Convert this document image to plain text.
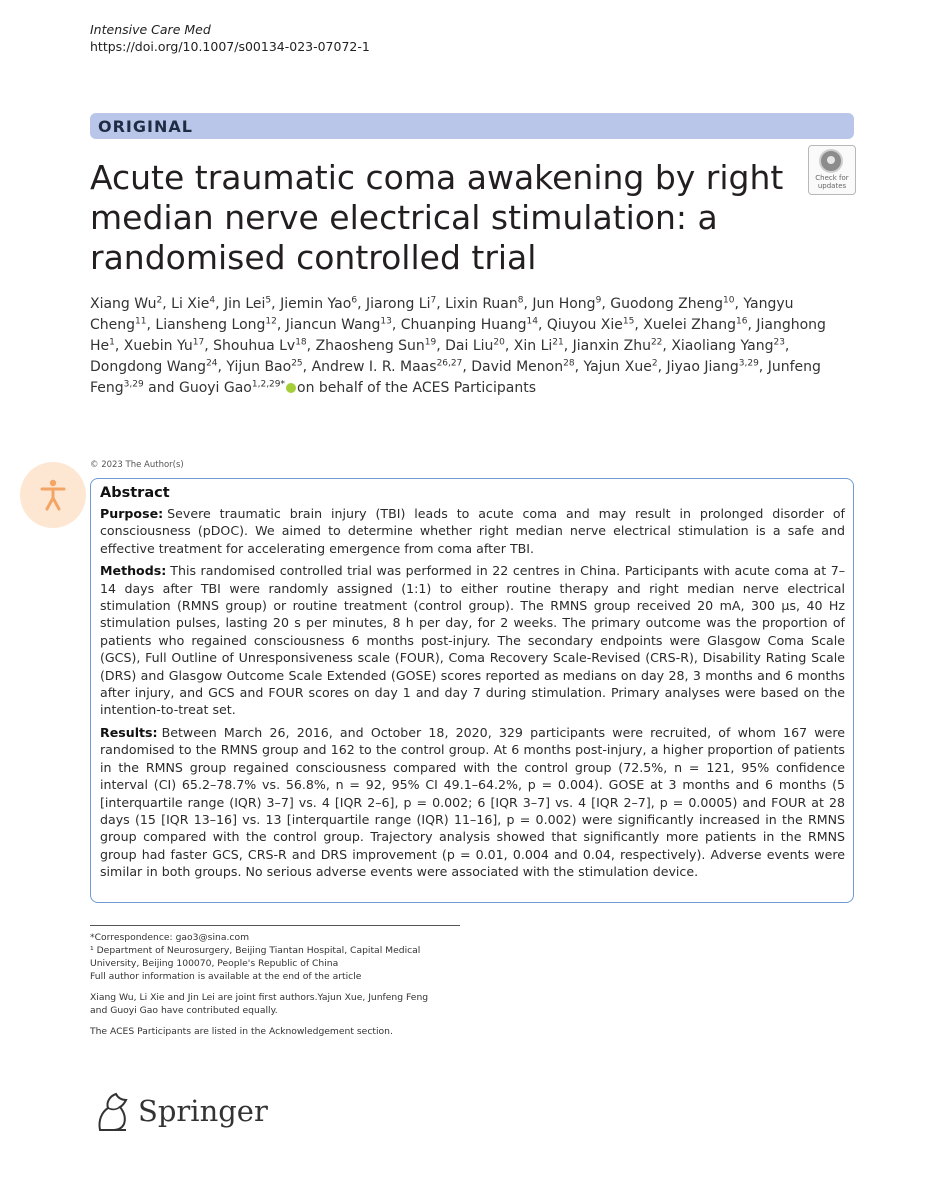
Intensive Care Med
https://doi.org/10.1007/s00134-023-07072-1
ORIGINAL
Acute traumatic coma awakening by right median nerve electrical stimulation: a randomised controlled trial
Check for
updates
Xiang Wu$^2$, Li Xie$^4$, Jin Lei$^5$, Jiemin Yao$^6$, Jiarong Li$^7$, Lixin Ruan$^8$, Jun Hong$^9$, Guodong Zheng$^{10}$, Yangyu Cheng$^{11}$, Liansheng Long$^{12}$, Jiancun Wang$^{13}$, Chuanping Huang$^{14}$, Qiuyou Xie$^{15}$, Xuelei Zhang$^{16}$, Jianghong He$^1$, Xuebin Yu$^{17}$, Shouhua Lv$^{18}$, Zhaosheng Sun$^{19}$, Dai Liu$^{20}$, Xin Li$^{21}$, Jianxin Zhu$^{22}$, Xiaoliang Yang$^{23}$, Dongdong Wang$^{24}$, Yijun Bao$^{25}$, Andrew I. R. Maas$^{26,27}$, David Menon$^{28}$, Yajun Xue$^2$, Jiyao Jiang$^{3,29}$, Junfeng Feng$^{3,29}$ and Guoyi Gao$^{1,2,29*}$ on behalf of the ACES Participants
© 2023 The Author(s)
Abstract

Purpose: Severe traumatic brain injury (TBI) leads to acute coma and may result in prolonged disorder of consciousness (pDOC). We aimed to determine whether right median nerve electrical stimulation is a safe and effective treatment for accelerating emergence from coma after TBI.

Methods: This randomised controlled trial was performed in 22 centres in China. Participants with acute coma at 7–14 days after TBI were randomly assigned (1:1) to either routine therapy and right median nerve electrical stimulation (RMNS group) or routine treatment (control group). The RMNS group received 20 mA, 300 μs, 40 Hz stimulation pulses, lasting 20 s per minutes, 8 h per day, for 2 weeks. The primary outcome was the proportion of patients who regained consciousness 6 months post-injury. The secondary endpoints were Glasgow Coma Scale (GCS), Full Outline of Unresponsiveness scale (FOUR), Coma Recovery Scale-Revised (CRS-R), Disability Rating Scale (DRS) and Glasgow Outcome Scale Extended (GOSE) scores reported as medians on day 28, 3 months and 6 months after injury, and GCS and FOUR scores on day 1 and day 7 during stimulation. Primary analyses were based on the intention-to-treat set.

Results: Between March 26, 2016, and October 18, 2020, 329 participants were recruited, of whom 167 were randomised to the RMNS group and 162 to the control group. At 6 months post-injury, a higher proportion of patients in the RMNS group regained consciousness compared with the control group (72.5%, n = 121, 95% confidence interval (CI) 65.2–78.7% vs. 56.8%, n = 92, 95% CI 49.1–64.2%, p = 0.004). GOSE at 3 months and 6 months (5 [interquartile range (IQR) 3–7] vs. 4 [IQR 2–6], p = 0.002; 6 [IQR 3–7] vs. 4 [IQR 2–7], p = 0.0005) and FOUR at 28 days (15 [IQR 13–16] vs. 13 [interquartile range (IQR) 11–16], p = 0.002) were significantly increased in the RMNS group compared with the control group. Trajectory analysis showed that significantly more patients in the RMNS group had faster GCS, CRS-R and DRS improvement (p = 0.01, 0.004 and 0.04, respectively). Adverse events were similar in both groups. No serious adverse events were associated with the stimulation device.

*Correspondence: gao3@sina.com

¹ Department of Neurosurgery, Beijing Tiantan Hospital, Capital Medical

University, Beijing 100070, People's Republic of China

Full author information is available at the end of the article

Xiang Wu, Li Xie and Jin Lei are joint first authors.Yajun Xue, Junfeng Feng

and Guoyi Gao have contributed equally.

The ACES Participants are listed in the Acknowledgement section.

Springer
